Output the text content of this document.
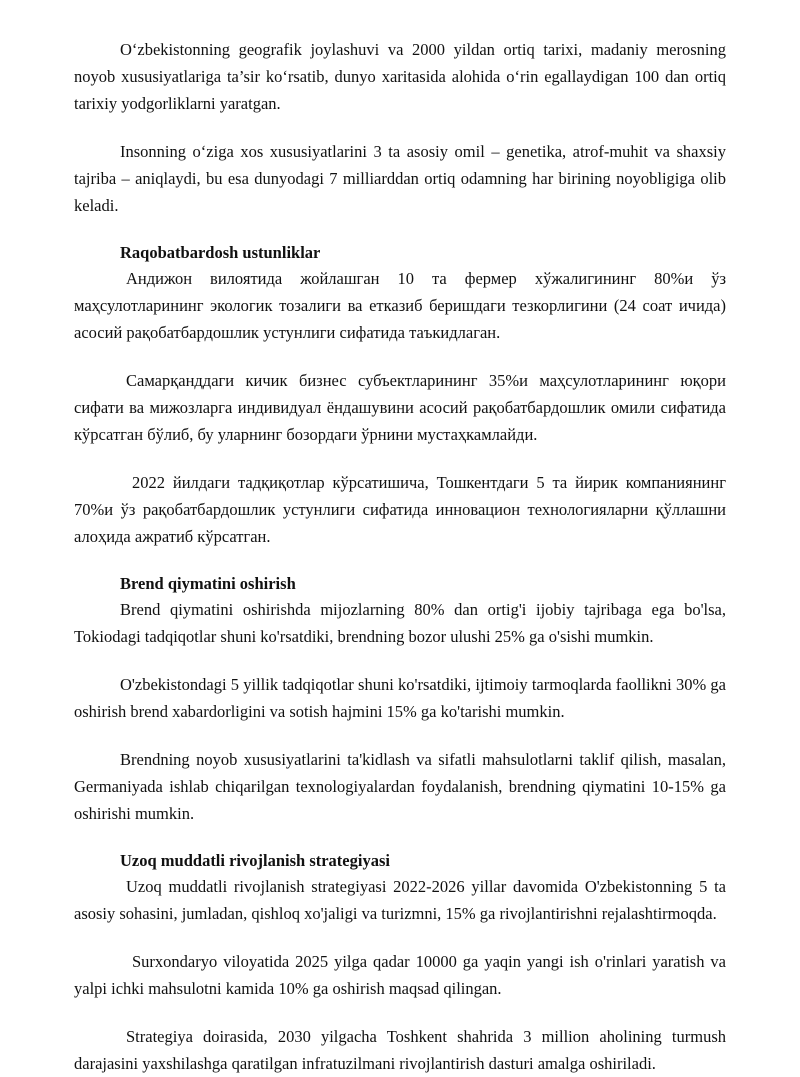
O‘zbekistonning geografik joylashuvi va 2000 yildan ortiq tarixi, madaniy merosning noyob xususiyatlariga ta’sir ko‘rsatib, dunyo xaritasida alohida o‘rin egallaydigan 100 dan ortiq tarixiy yodgorliklarni yaratgan.

Insonning o‘ziga xos xususiyatlarini 3 ta asosiy omil – genetika, atrof-muhit va shaxsiy tajriba – aniqlaydi, bu esa dunyodagi 7 milliarddan ortiq odamning har birining noyobligiga olib keladi.

Raqobatbardosh ustunliklar

Андижон вилоятида жойлашган 10 та фермер хўжалигининг 80%и ўз маҳсулотларининг экологик тозалиги ва етказиб беришдаги тезкорлигини (24 соат ичида) асосий рақобатбардошлик устунлиги сифатида таъкидлаган.

Самарқанддаги кичик бизнес субъектларининг 35%и маҳсулотларининг юқори сифати ва мижозларга индивидуал ёндашувини асосий рақобатбардошлик омили сифатида кўрсатган бўлиб, бу уларнинг бозордаги ўрнини мустаҳкамлайди.

2022 йилдаги тадқиқотлар кўрсатишича, Тошкентдаги 5 та йирик компаниянинг 70%и ўз рақобатбардошлик устунлиги сифатида инновацион технологияларни қўллашни алоҳида ажратиб кўрсатган.

Brend qiymatini oshirish

Brend qiymatini oshirishda mijozlarning 80% dan ortig'i ijobiy tajribaga ega bo'lsa, Tokiodagi tadqiqotlar shuni ko'rsatdiki, brendning bozor ulushi 25% ga o'sishi mumkin.

O'zbekistondagi 5 yillik tadqiqotlar shuni ko'rsatdiki, ijtimoiy tarmoqlarda faollikni 30% ga oshirish brend xabardorligini va sotish hajmini 15% ga ko'tarishi mumkin.

Brendning noyob xususiyatlarini ta'kidlash va sifatli mahsulotlarni taklif qilish, masalan, Germaniyada ishlab chiqarilgan texnologiyalardan foydalanish, brendning qiymatini 10-15% ga oshirishi mumkin.

Uzoq muddatli rivojlanish strategiyasi

Uzoq muddatli rivojlanish strategiyasi 2022-2026 yillar davomida O'zbekistonning 5 ta asosiy sohasini, jumladan, qishloq xo'jaligi va turizmni, 15% ga rivojlantirishni rejalashtirmoqda.

Surxondaryo viloyatida 2025 yilga qadar 10000 ga yaqin yangi ish o'rinlari yaratish va yalpi ichki mahsulotni kamida 10% ga oshirish maqsad qilingan.

Strategiya doirasida, 2030 yilgacha Toshkent shahrida 3 million aholining turmush darajasini yaxshilashga qaratilgan infratuzilmani rivojlantirish dasturi amalga oshiriladi.
